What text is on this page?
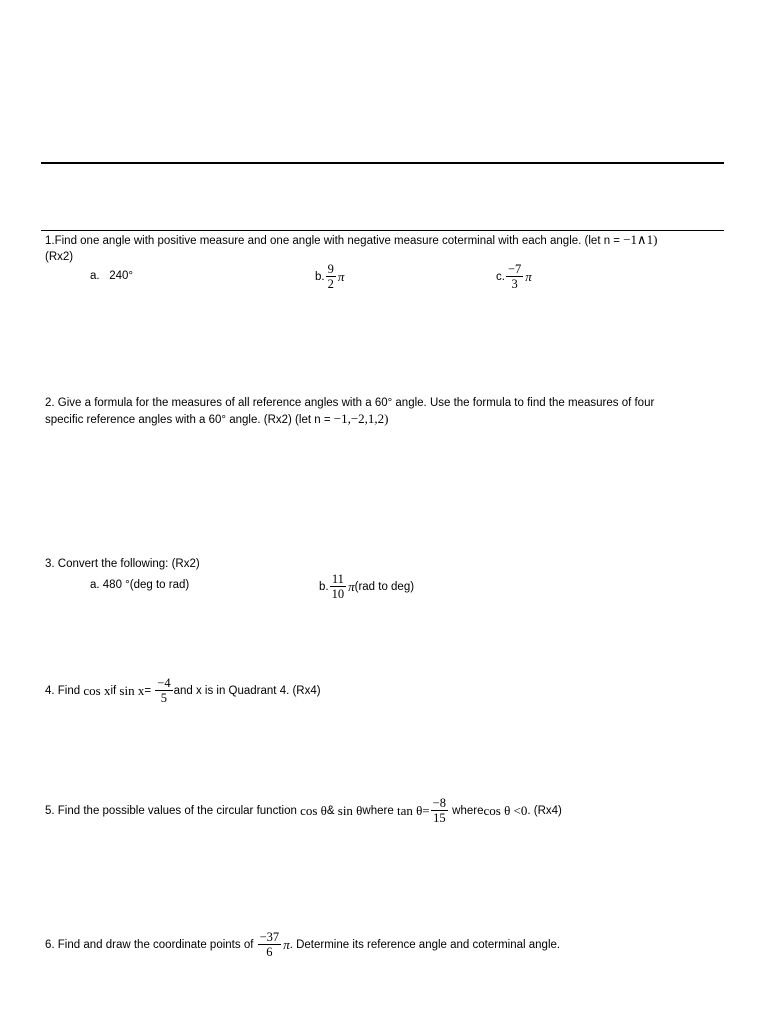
1.Find one angle with positive measure and one angle with negative measure coterminal with each angle. (let n = −1∧1)
(Rx2)
a.
240°	b. $\frac{9}{2}$ π	c. $\frac{-7}{3}$ π
2. Give a formula for the measures of all reference angles with a 60° angle. Use the formula to find the measures of four
specific reference angles with a 60° angle. (Rx2) (let n = −1,−2,1,2)
3. Convert the following: (Rx2)
a. 480 °(deg to rad)	b. $\frac{11}{10}$ π (rad to deg)
4. Find
cos x if
sin x =
$\frac{-4}{5}$ and x is in Quadrant 4. (Rx4)
5. Find the possible values of the circular function
cos θ &
sin θ where
$\tan \theta= \frac{-8}{15}$
where cos θ <0 . (Rx4)
6. Find and draw the coordinate points of
$\frac{-37}{6}$ π . Determine its reference angle and coterminal angle.
